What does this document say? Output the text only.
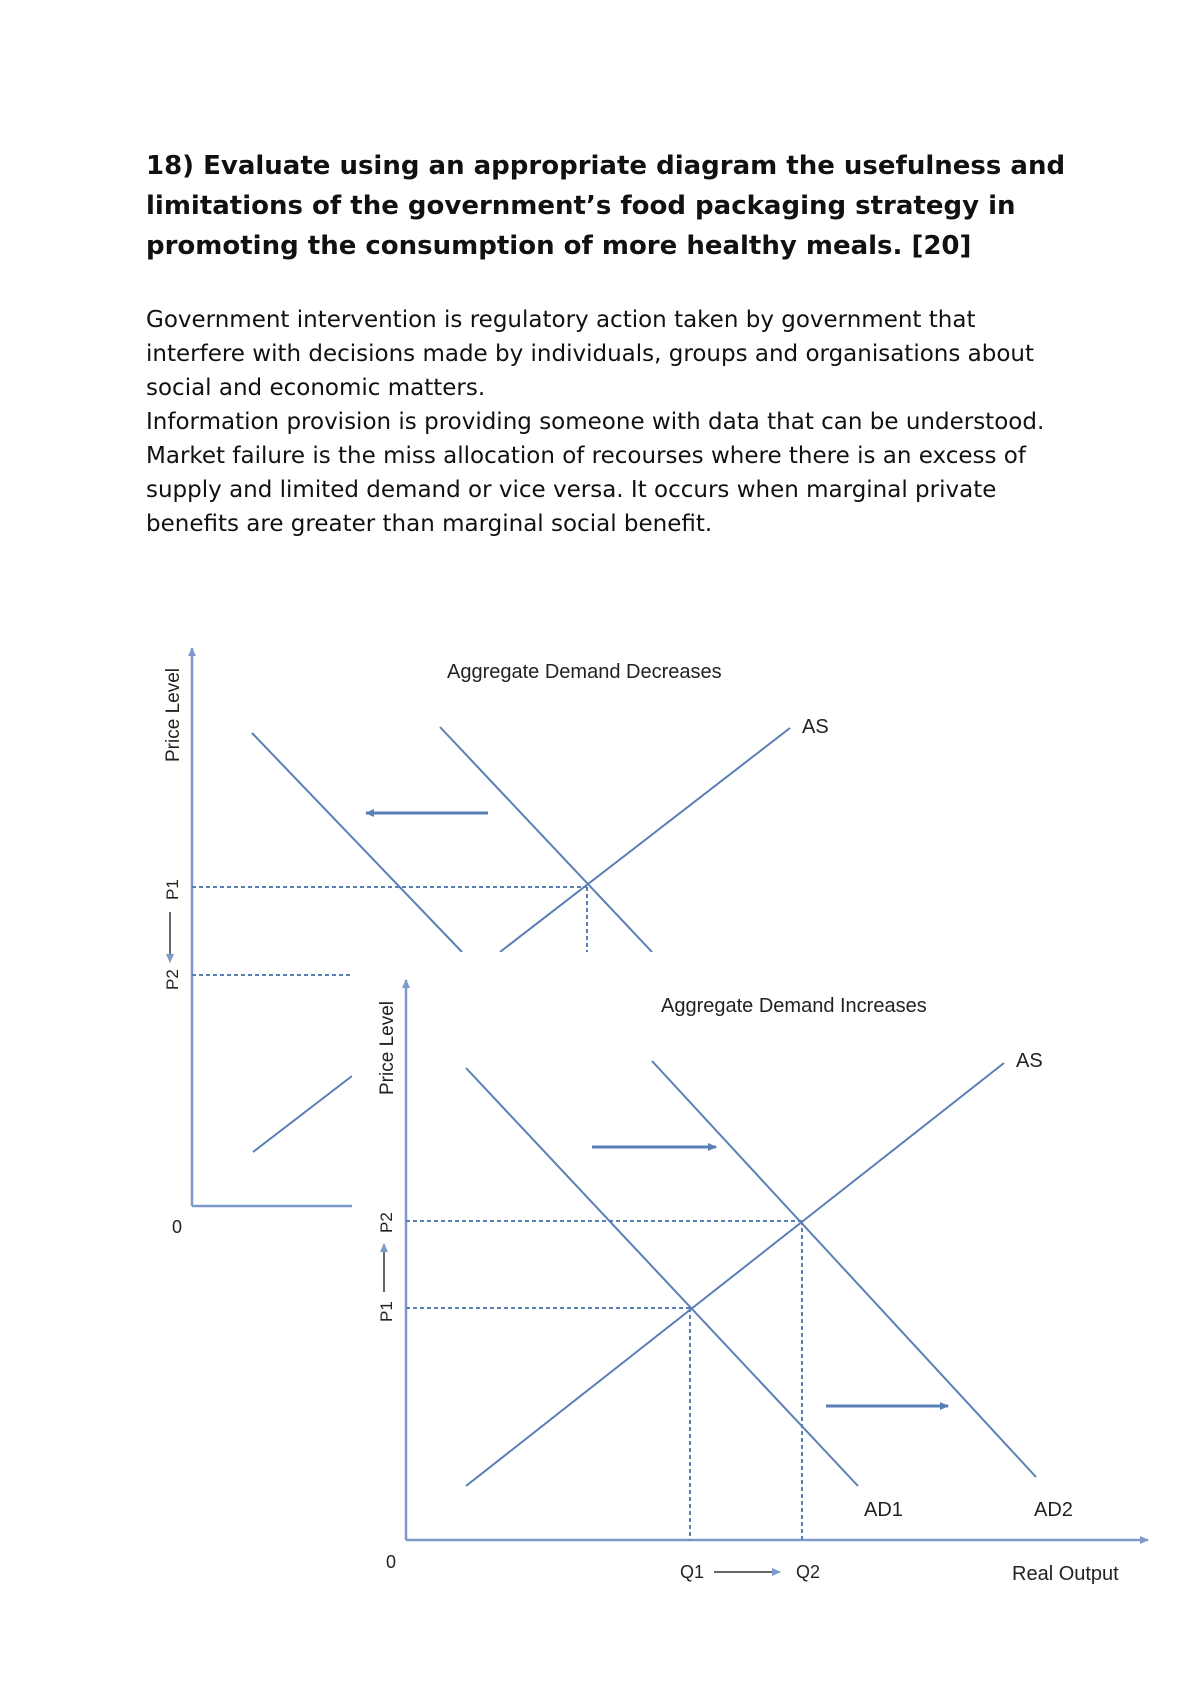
18) Evaluate using an appropriate diagram the usefulness and
limitations of the government’s food packaging strategy in
promoting the consumption of more healthy meals. [20]

Government intervention is regulatory action taken by government that
interfere with decisions made by individuals, groups and organisations about
social and economic matters.
Information provision is providing someone with data that can be understood.
Market failure is the miss allocation of recourses where there is an excess of
supply and limited demand or vice versa. It occurs when marginal private
benefits are greater than marginal social benefit.

Aggregate Demand Decreases
AS
Price Level
P1
P2
0
Aggregate Demand Increases
AS
AD1	AD2
Price Level
P2
P1
0	Q1	Q2	Real Output
